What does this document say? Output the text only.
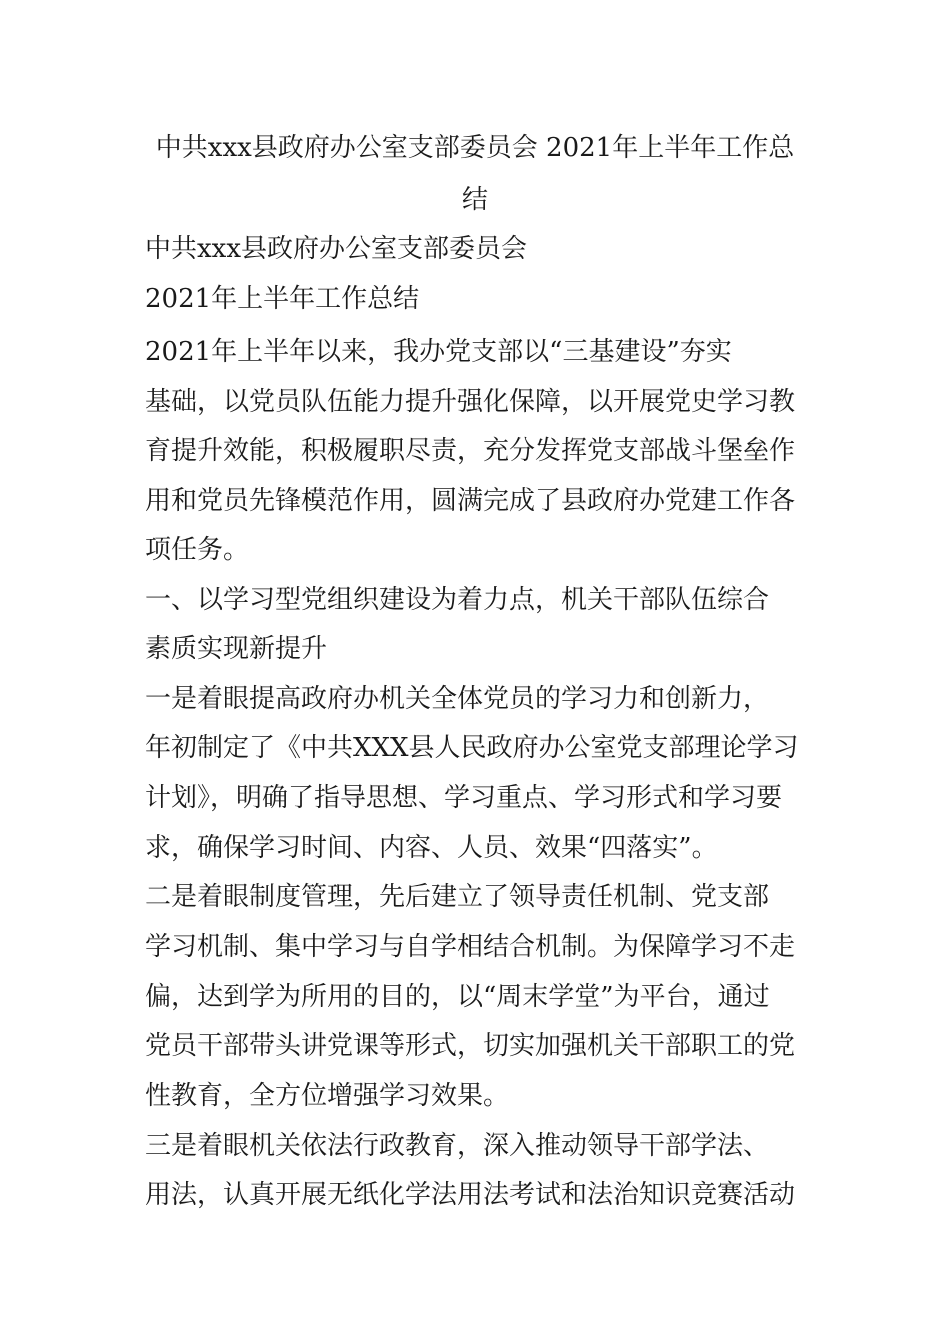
中共xxx县政府办公室支部委员会 2021年上半年工作总
结
中共xxx县政府办公室支部委员会
2021年上半年工作总结
2021年上半年以来，我办党支部以“三基建设”夯实
基础，以党员队伍能力提升强化保障，以开展党史学习教
育提升效能，积极履职尽责，充分发挥党支部战斗堡垒作
用和党员先锋模范作用，圆满完成了县政府办党建工作各
项任务。
一、以学习型党组织建设为着力点，机关干部队伍综合
素质实现新提升
一是着眼提高政府办机关全体党员的学习力和创新力，
年初制定了《中共XXX县人民政府办公室党支部理论学习
计划》，明确了指导思想、学习重点、学习形式和学习要
求，确保学习时间、内容、人员、效果“四落实”。
二是着眼制度管理，先后建立了领导责任机制、党支部
学习机制、集中学习与自学相结合机制。为保障学习不走
偏，达到学为所用的目的，以“周末学堂”为平台，通过
党员干部带头讲党课等形式，切实加强机关干部职工的党
性教育，全方位增强学习效果。
三是着眼机关依法行政教育，深入推动领导干部学法、
用法，认真开展无纸化学法用法考试和法治知识竞赛活动
